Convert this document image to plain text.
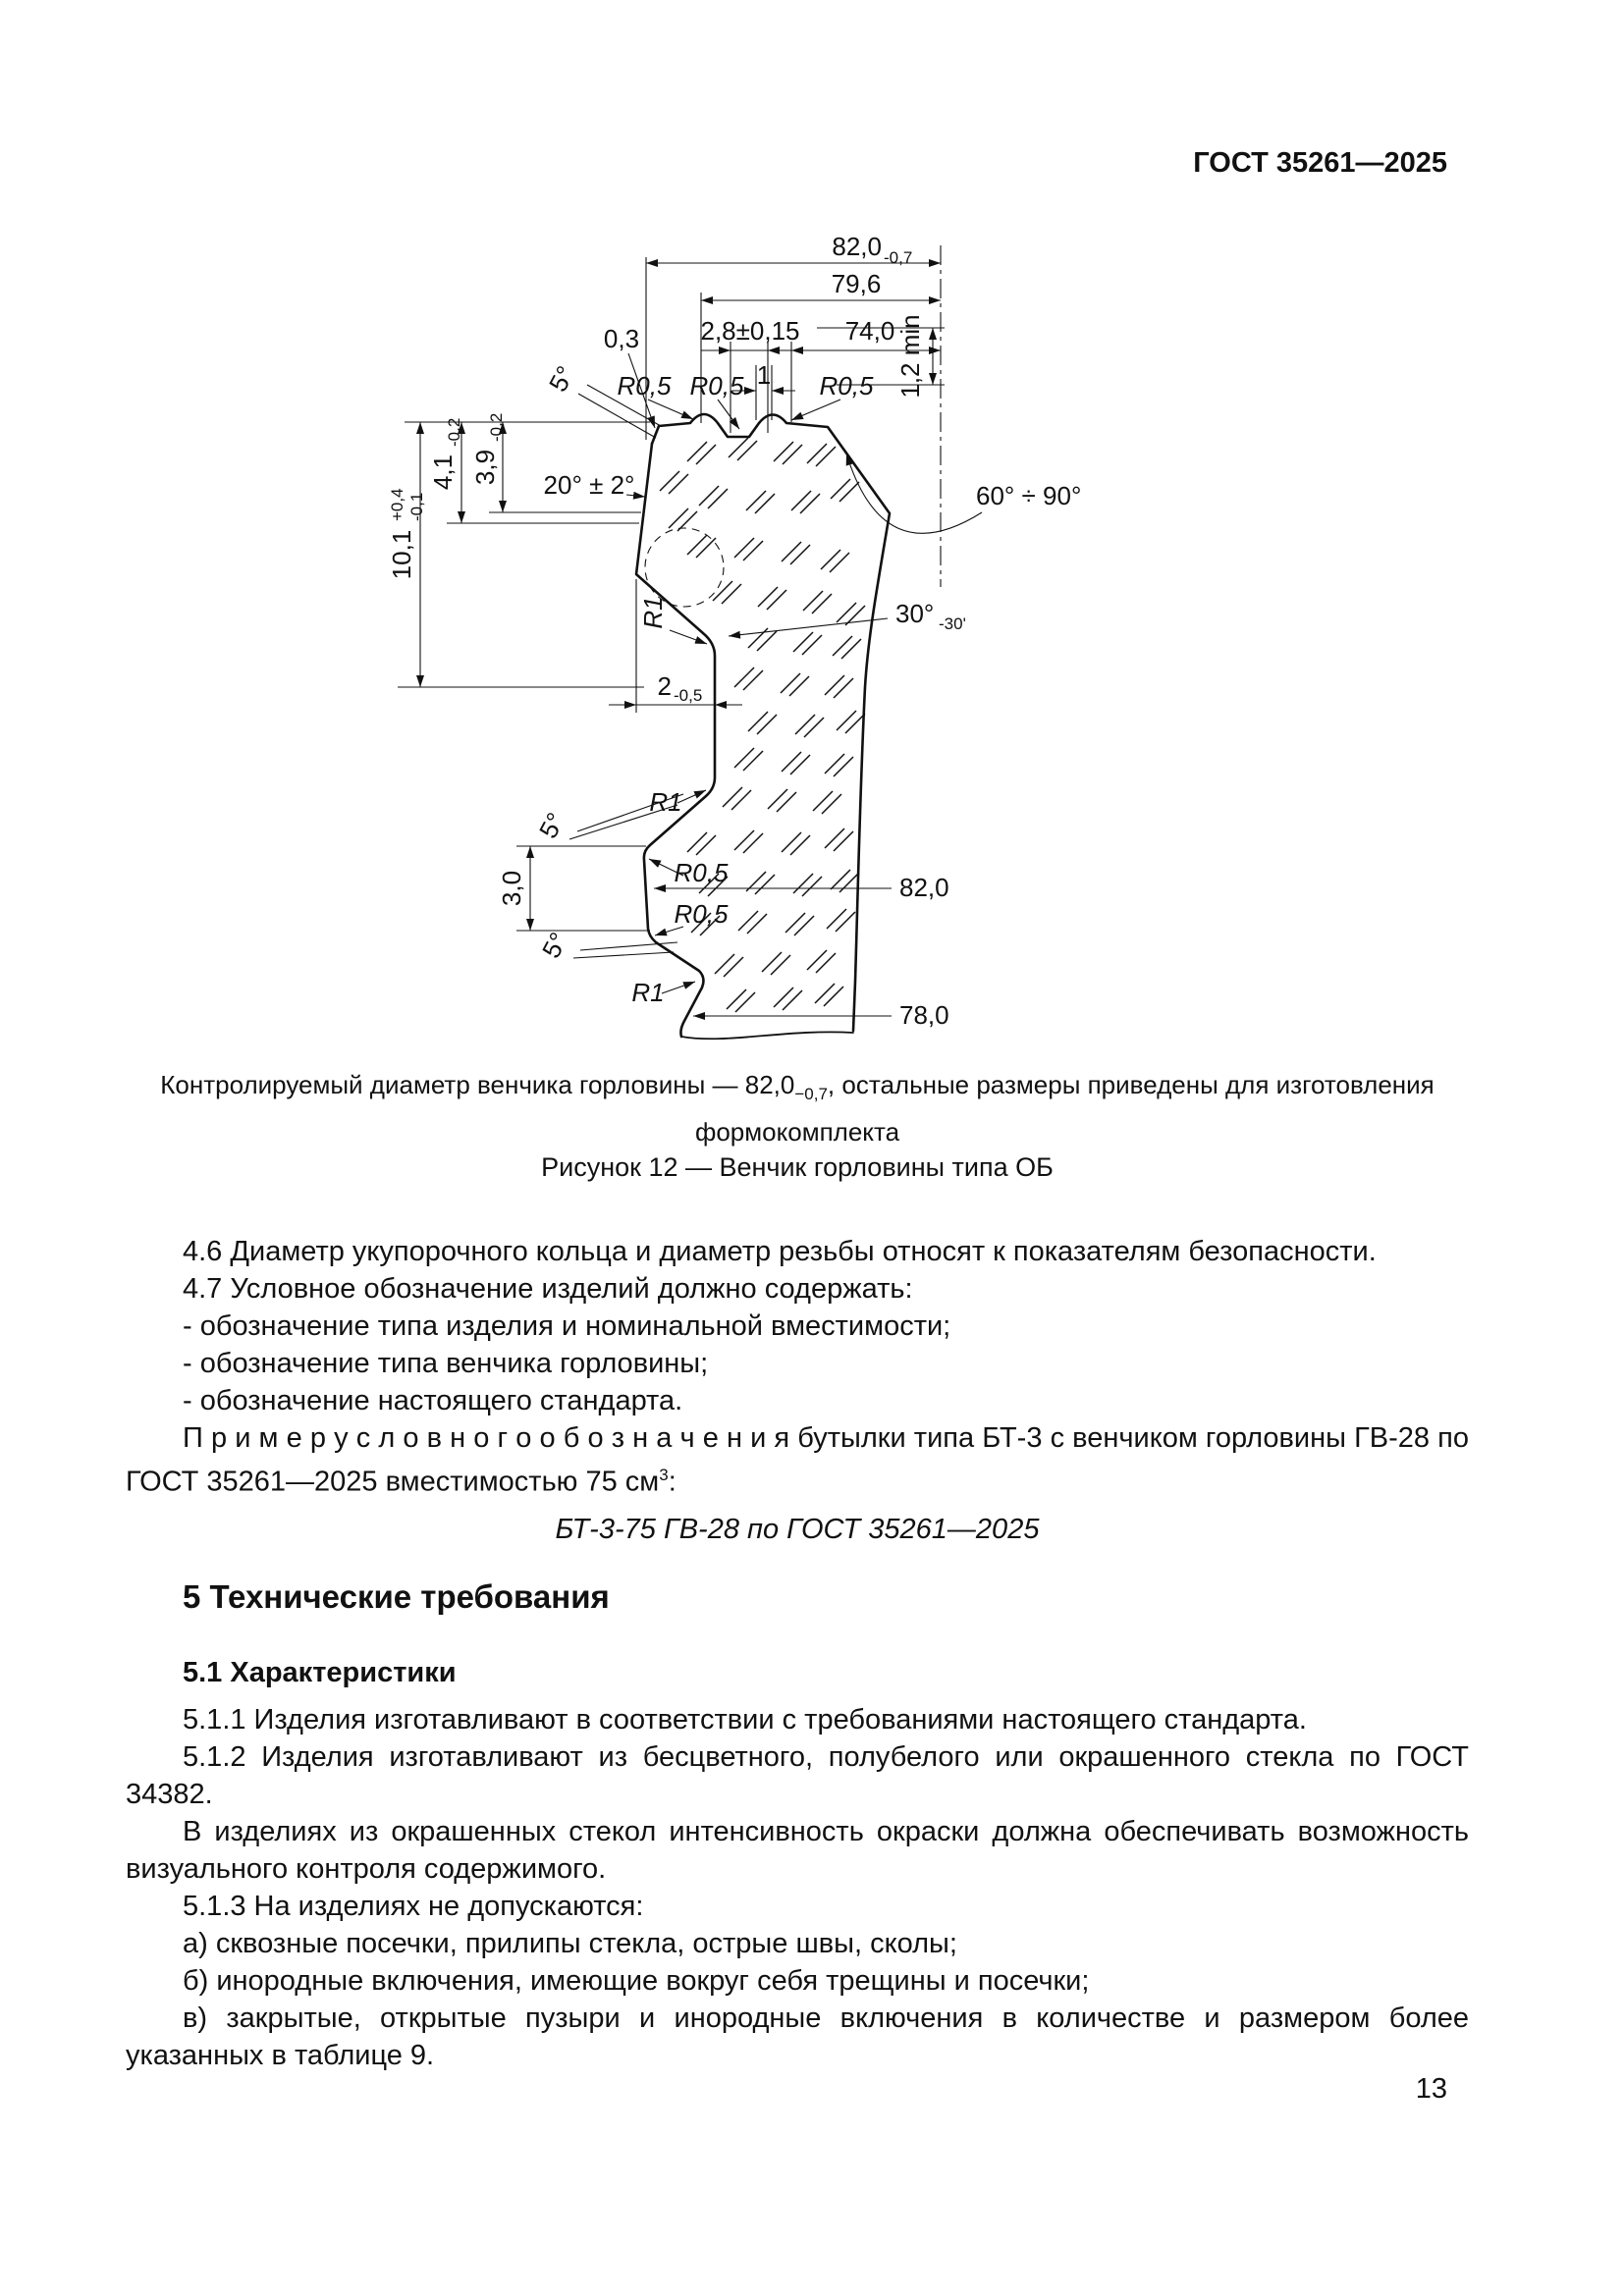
ГОСТ 35261—2025
82,0 -0,7
79,6
2,8±0,15 74,0
0,3
1	1,2 min
5° R0,5 R0,5	R0,5
20° ± 2°	60° ÷ 90°
4,1
-0,2
3,9
-0,2
10,1
+0,4 -0,1
R1	30° -30'
2 -0,5
5°
R1
R0,5	82,0
R0,5
5°
3,0
R1
78,0
Контролируемый диаметр венчика горловины — $82,0_{-0,7}$, остальные размеры приведены для изготовления
формокомплекта
Рисунок 12 — Венчик горловины типа ОБ

4.6 Диаметр укупорочного кольца и диаметр резьбы относят к показателям безопасности.

4.7 Условное обозначение изделий должно содержать:

- обозначение типа изделия и номинальной вместимости;

- обозначение типа венчика горловины;

- обозначение настоящего стандарта.

П р и м е р у с л о в н о г о о б о з н а ч е н и я бутылки типа БТ-3 с венчиком горловины ГВ-28 по ГОСТ 35261—2025 вместимостью 75 $см^3$:

БТ-3-75 ГВ-28 по ГОСТ 35261—2025

5 Технические требования
5.1 Характеристики

5.1.1 Изделия изготавливают в соответствии с требованиями настоящего стандарта.

5.1.2 Изделия изготавливают из бесцветного, полубелого или окрашенного стекла по ГОСТ 34382.

В изделиях из окрашенных стекол интенсивность окраски должна обеспечивать возможность визуального контроля содержимого.

5.1.3 На изделиях не допускаются:

а) сквозные посечки, прилипы стекла, острые швы, сколы;

б) инородные включения, имеющие вокруг себя трещины и посечки;

в) закрытые, открытые пузыри и инородные включения в количестве и размером более указанных в таблице 9.

13
